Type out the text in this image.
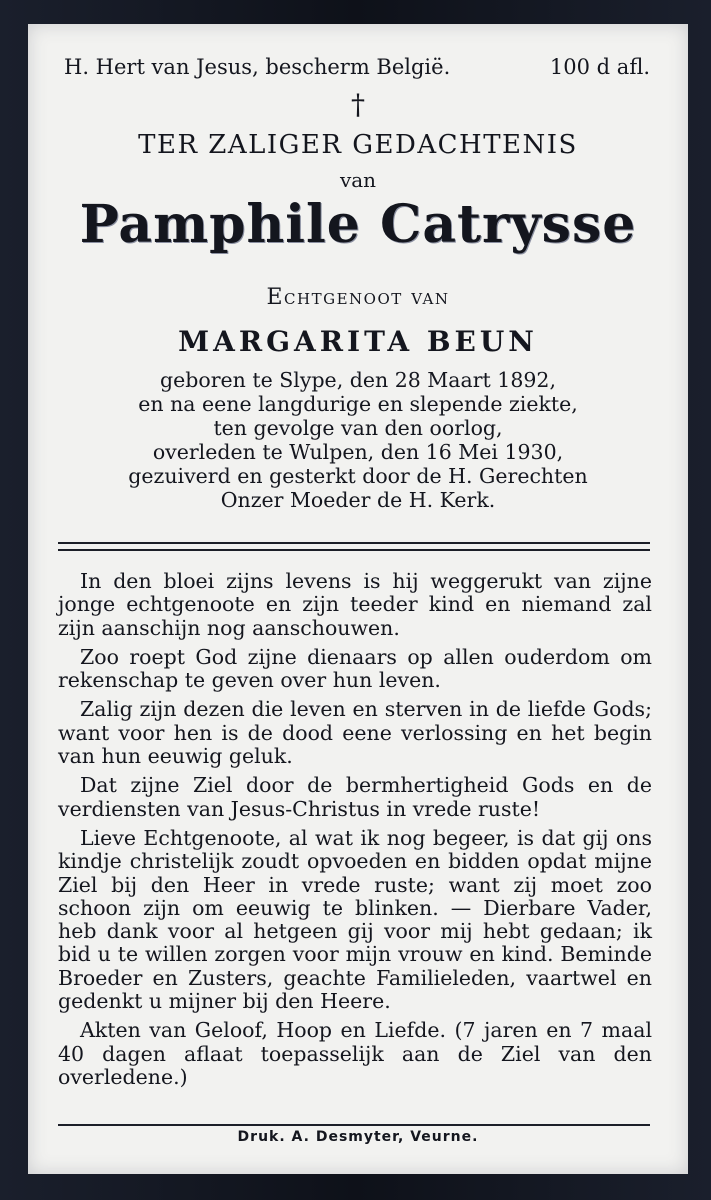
H. Hert van Jesus, bescherm België.	100 d afl.
†
TER ZALIGER GEDACHTENIS
van
Pamphile Catrysse
Echtgenoot van
MARGARITA BEUN
geboren te Slype, den 28 Maart 1892,
en na eene langdurige en slepende ziekte,
ten gevolge van den oorlog,
overleden te Wulpen, den 16 Mei 1930,
gezuiverd en gesterkt door de H. Gerechten
Onzer Moeder de H. Kerk.

In den bloei zijns levens is hij weggerukt van zijne jonge echtgenoote en zijn teeder kind en niemand zal zijn aanschijn nog aanschouwen.

Zoo roept God zijne dienaars op allen ouderdom om rekenschap te geven over hun leven.

Zalig zijn dezen die leven en sterven in de liefde Gods; want voor hen is de dood eene verlossing en het begin van hun eeuwig geluk.

Dat zijne Ziel door de bermhertigheid Gods en de verdiensten van Jesus-Christus in vrede ruste!

Lieve Echtgenoote, al wat ik nog begeer, is dat gij ons kindje christelijk zoudt opvoeden en bidden opdat mijne Ziel bij den Heer in vrede ruste; want zij moet zoo schoon zijn om eeuwig te blinken. — Dierbare Vader, heb dank voor al hetgeen gij voor mij hebt gedaan; ik bid u te willen zorgen voor mijn vrouw en kind. Beminde Broeder en Zusters, geachte Familieleden, vaartwel en gedenkt u mijner bij den Heere.

Akten van Geloof, Hoop en Liefde. (7 jaren en 7 maal 40 dagen aflaat toepasselijk aan de Ziel van den overledene.)

Druk. A. Desmyter, Veurne.
